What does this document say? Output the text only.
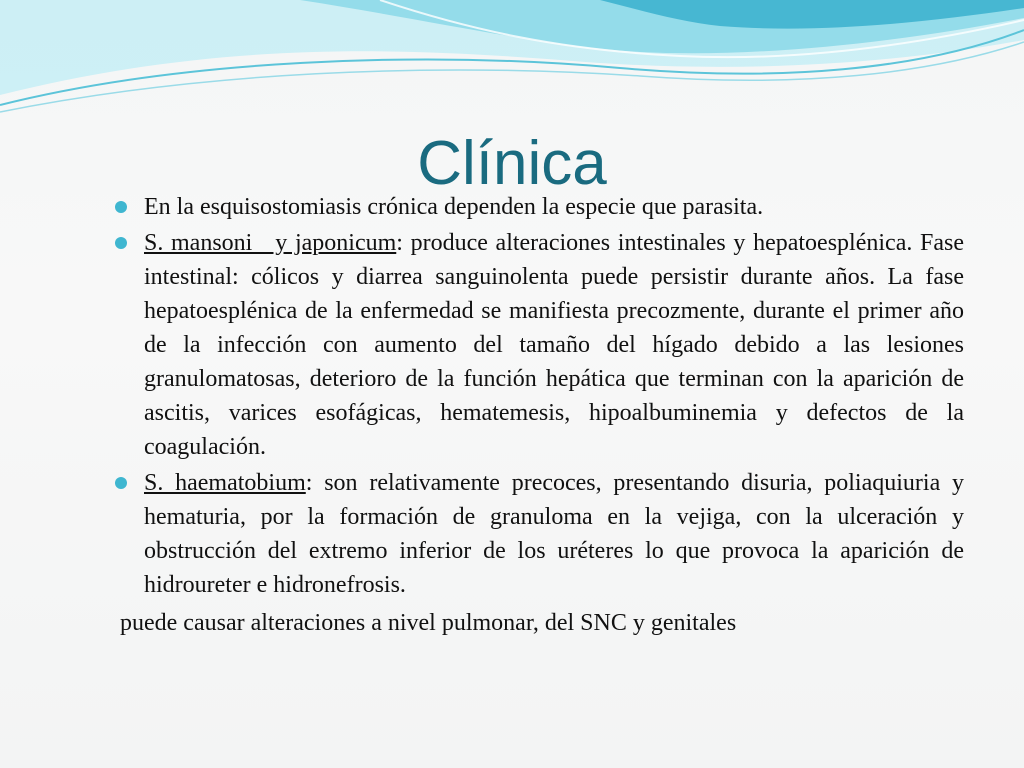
Clínica

En la esquisostomiasis crónica dependen la especie que parasita.

S. mansoni   y japonicum: produce alteraciones intestinales y hepatoesplénica. Fase intestinal: cólicos y diarrea sanguinolenta puede persistir durante años. La fase hepatoesplénica de la enfermedad se manifiesta precozmente, durante el primer año de la infección con aumento del tamaño del hígado debido a las lesiones granulomatosas, deterioro de la función hepática que terminan con la aparición de ascitis, varices esofágicas, hematemesis, hipoalbuminemia y defectos de la coagulación.

S. haematobium: son relativamente precoces, presentando disuria, poliaquiuria y hematuria, por la formación de granuloma en la vejiga, con la ulceración y obstrucción del extremo inferior de los uréteres lo que provoca la aparición de hidroureter e hidronefrosis.

puede causar alteraciones a nivel pulmonar, del SNC y genitales
